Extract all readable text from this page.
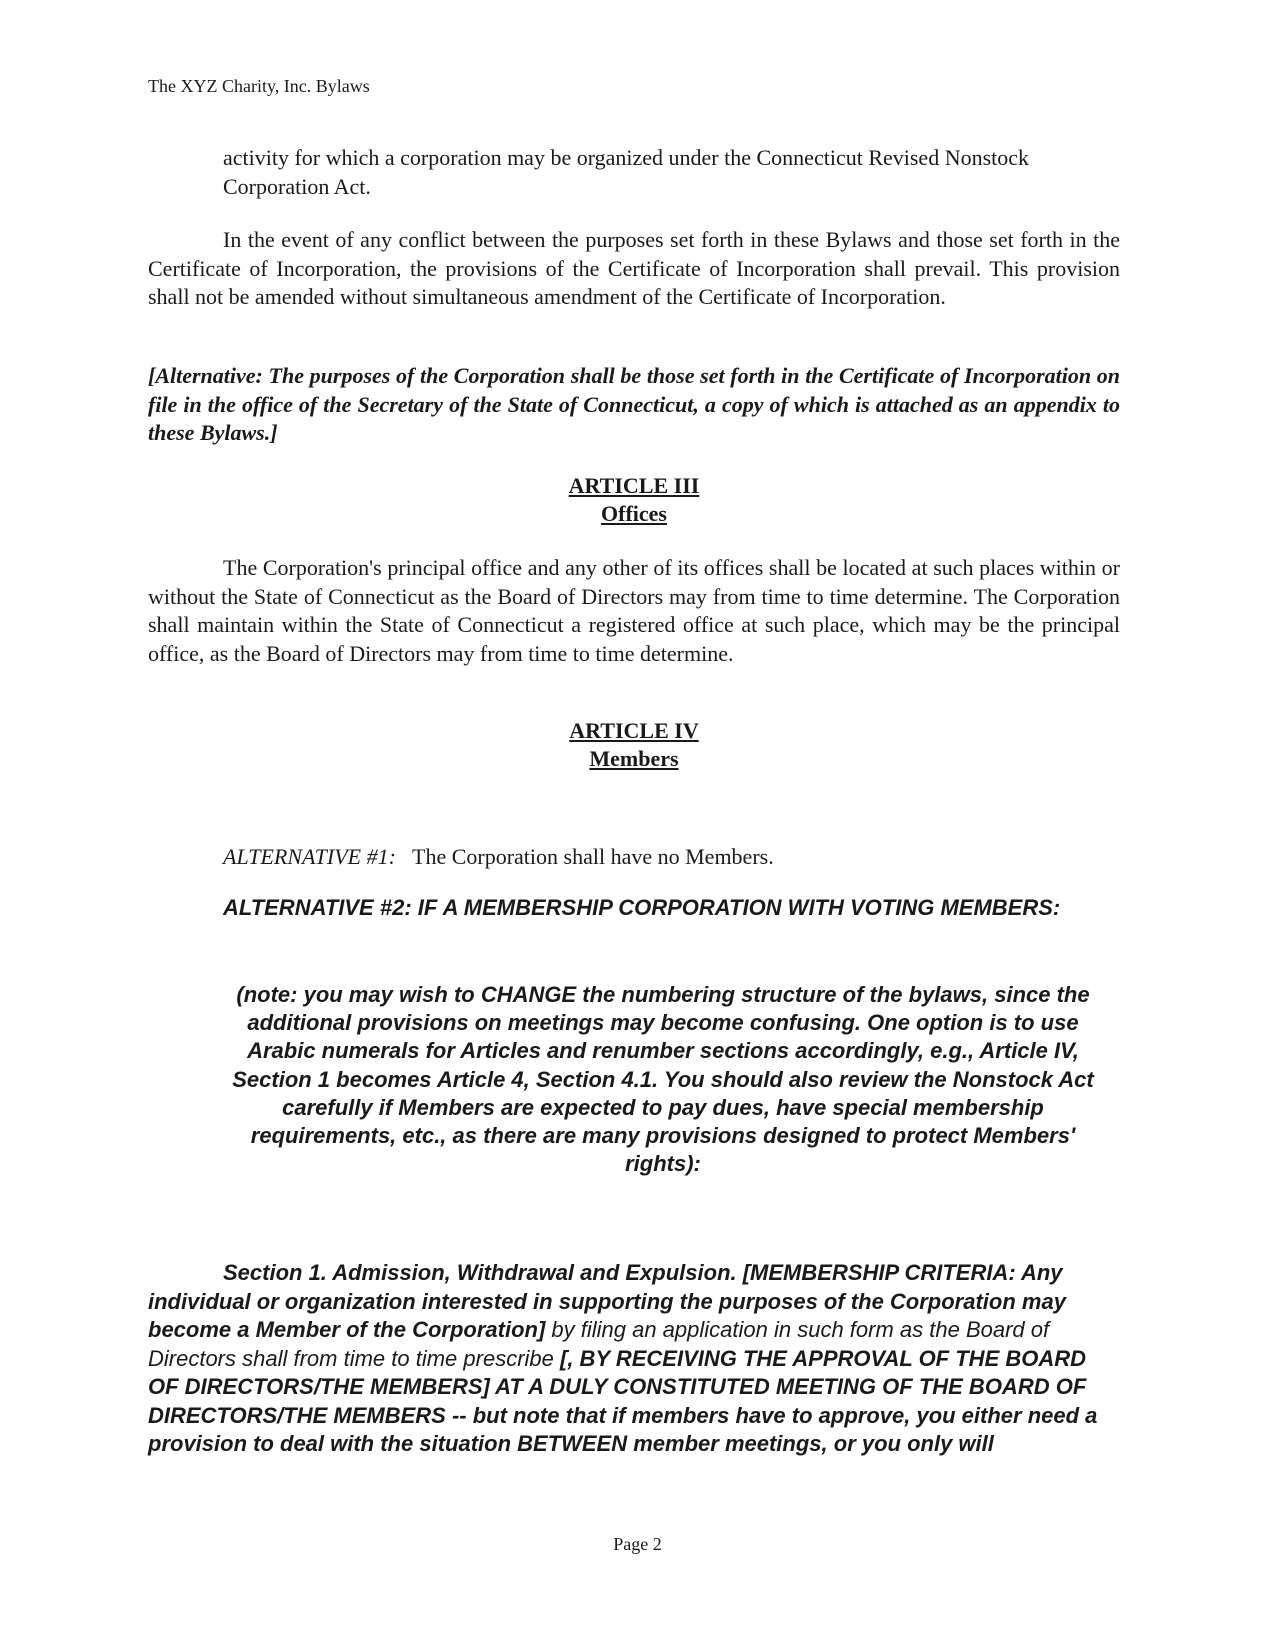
The XYZ Charity, Inc. Bylaws

activity for which a corporation may be organized under the Connecticut Revised Nonstock Corporation Act.

In the event of any conflict between the purposes set forth in these Bylaws and those set forth in the Certificate of Incorporation, the provisions of the Certificate of Incorporation shall prevail. This provision shall not be amended without simultaneous amendment of the Certificate of Incorporation.

[Alternative: The purposes of the Corporation shall be those set forth in the Certificate of Incorporation on file in the office of the Secretary of the State of Connecticut, a copy of which is attached as an appendix to these Bylaws.]

ARTICLE III
Offices

The Corporation's principal office and any other of its offices shall be located at such places within or without the State of Connecticut as the Board of Directors may from time to time determine. The Corporation shall maintain within the State of Connecticut a registered office at such place, which may be the principal office, as the Board of Directors may from time to time determine.

ARTICLE IV
Members
ALTERNATIVE #1: The Corporation shall have no Members.
ALTERNATIVE #2: IF A MEMBERSHIP CORPORATION WITH VOTING MEMBERS:
(note: you may wish to CHANGE the numbering structure of the bylaws, since the additional provisions on meetings may become confusing. One option is to use Arabic numerals for Articles and renumber sections accordingly, e.g., Article IV, Section 1 becomes Article 4, Section 4.1. You should also review the Nonstock Act carefully if Members are expected to pay dues, have special membership requirements, etc., as there are many provisions designed to protect Members' rights):

Section 1. Admission, Withdrawal and Expulsion. [MEMBERSHIP CRITERIA: Any individual or organization interested in supporting the purposes of the Corporation may become a Member of the Corporation] by filing an application in such form as the Board of Directors shall from time to time prescribe [, BY RECEIVING THE APPROVAL OF THE BOARD OF DIRECTORS/THE MEMBERS] AT A DULY CONSTITUTED MEETING OF THE BOARD OF DIRECTORS/THE MEMBERS -- but note that if members have to approve, you either need a provision to deal with the situation BETWEEN member meetings, or you only will

Page 2
